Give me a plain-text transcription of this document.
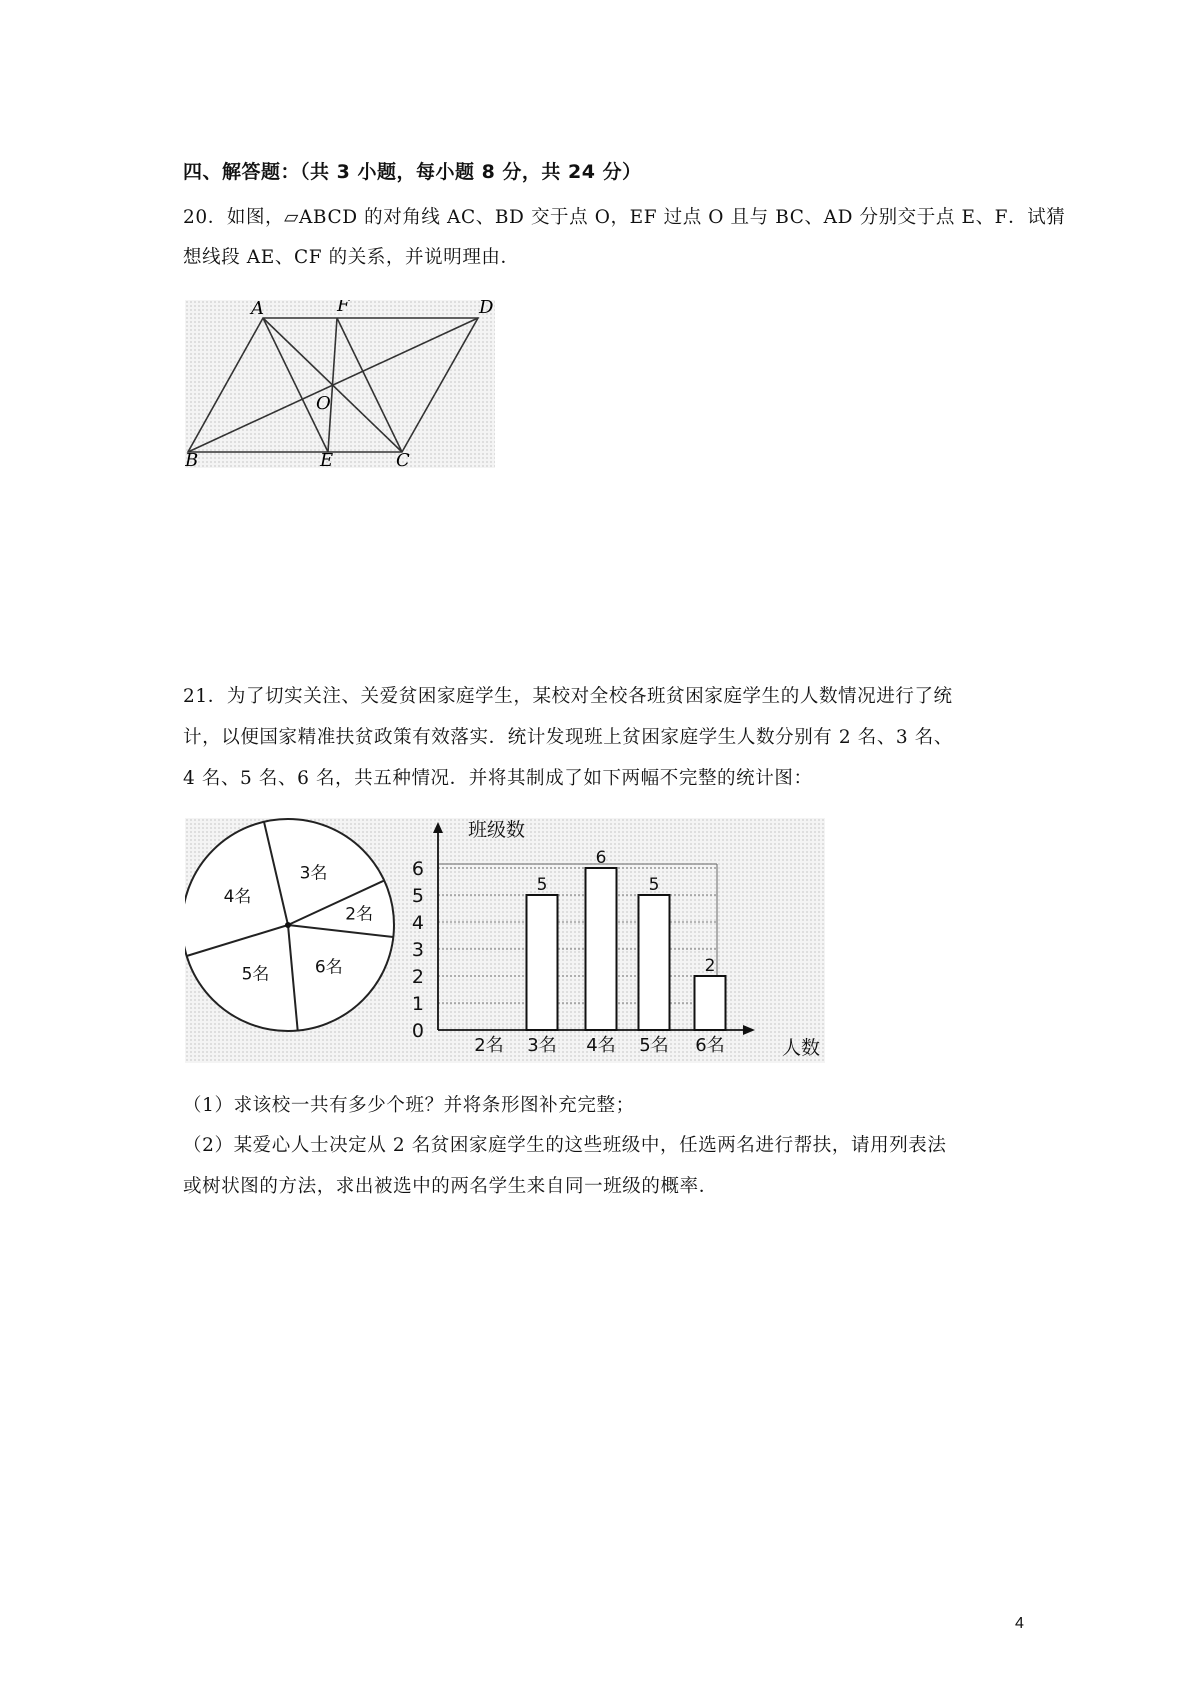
四、解答题：（共 3 小题，每小题 8 分，共 24 分）
20．如图，▱ABCD 的对角线 AC、BD 交于点 O，EF 过点 O 且与 BC、AD 分别交于点 E、F．试猜
想线段 AE、CF 的关系，并说明理由．
A	F	D
O
B	E	C
21．为了切实关注、关爱贫困家庭学生，某校对全校各班贫困家庭学生的人数情况进行了统
计，以便国家精准扶贫政策有效落实．统计发现班上贫困家庭学生人数分别有 2 名、3 名、
4 名、5 名、6 名，共五种情况．并将其制成了如下两幅不完整的统计图：
4名
3名
2名
6名
5名
5
6
5
2
0
1
2
3
4
5
6
2名 3名 4名 5名 6名
班级数
人数
（1）求该校一共有多少个班？并将条形图补充完整；
（2）某爱心人士决定从 2 名贫困家庭学生的这些班级中，任选两名进行帮扶，请用列表法
或树状图的方法，求出被选中的两名学生来自同一班级的概率．
4
